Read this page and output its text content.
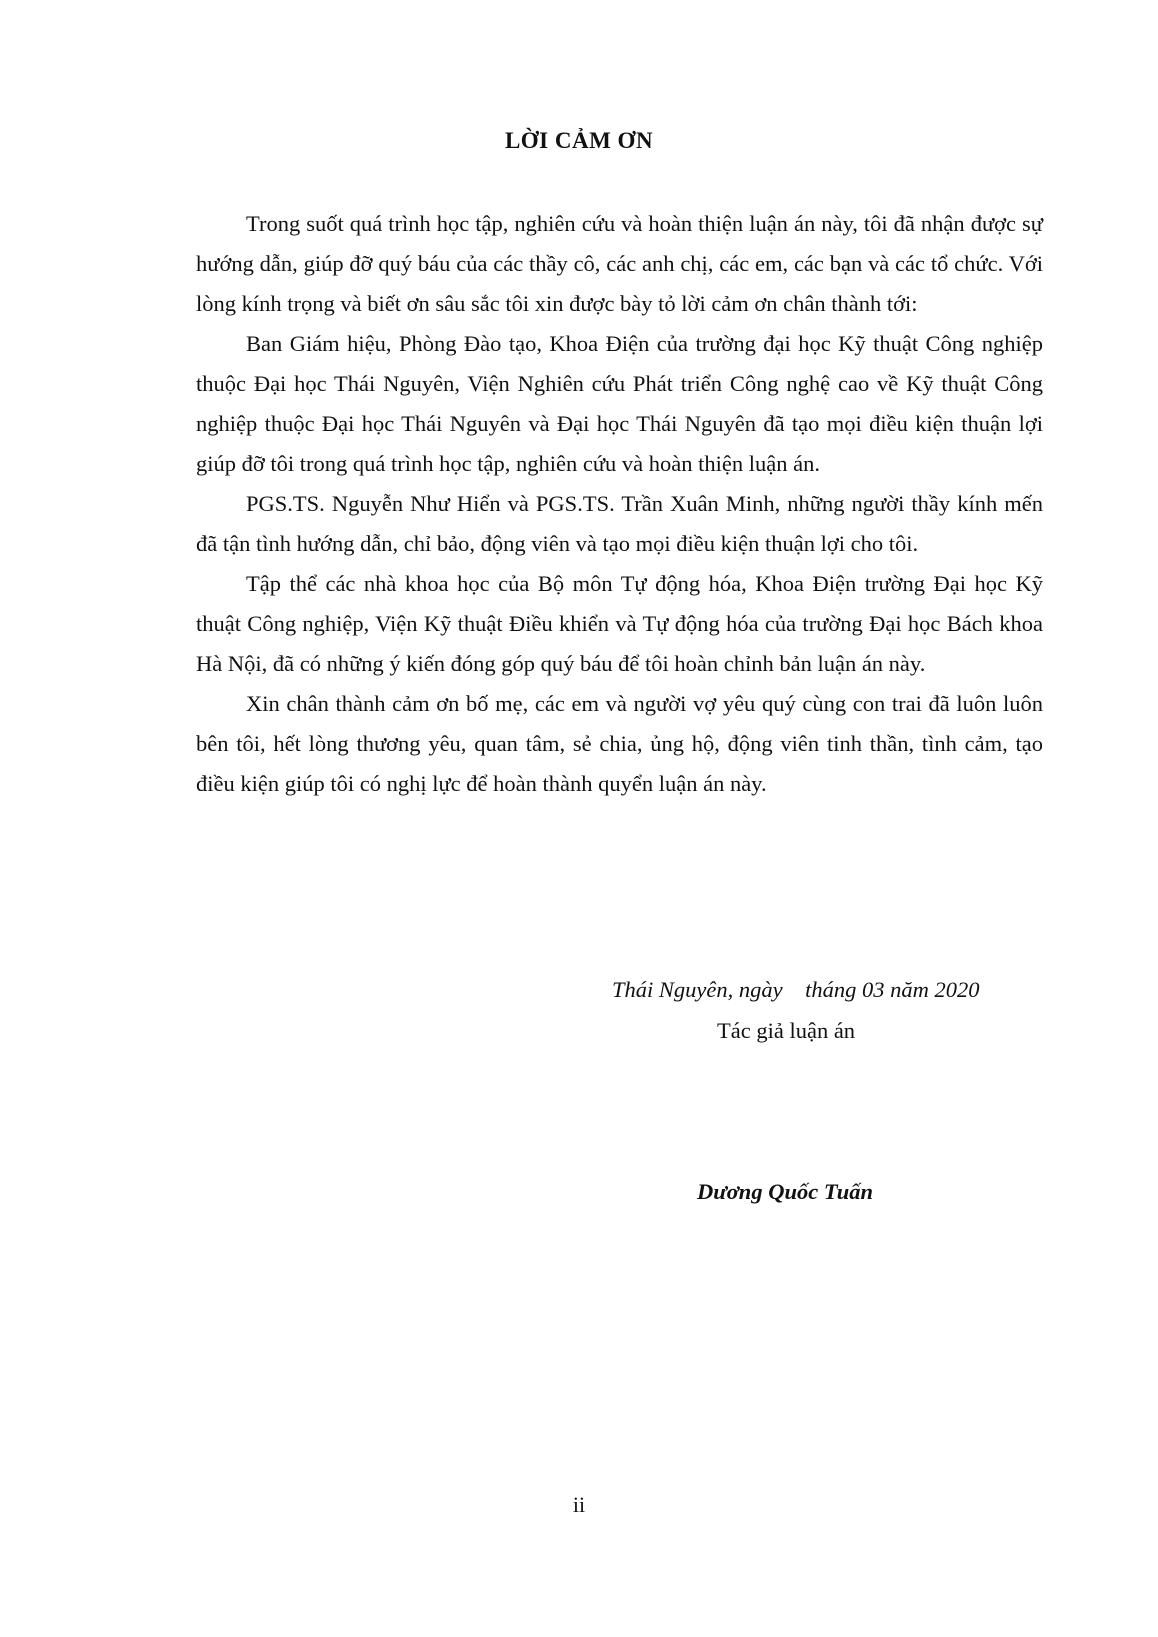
LỜI CẢM ƠN

Trong suốt quá trình học tập, nghiên cứu và hoàn thiện luận án này, tôi đã nhận được sự hướng dẫn, giúp đỡ quý báu của các thầy cô, các anh chị, các em, các bạn và các tổ chức. Với lòng kính trọng và biết ơn sâu sắc tôi xin được bày tỏ lời cảm ơn chân thành tới:

Ban Giám hiệu, Phòng Đào tạo, Khoa Điện của trường đại học Kỹ thuật Công nghiệp thuộc Đại học Thái Nguyên, Viện Nghiên cứu Phát triển Công nghệ cao về Kỹ thuật Công nghiệp thuộc Đại học Thái Nguyên và Đại học Thái Nguyên đã tạo mọi điều kiện thuận lợi giúp đỡ tôi trong quá trình học tập, nghiên cứu và hoàn thiện luận án.

PGS.TS. Nguyễn Như Hiển và PGS.TS. Trần Xuân Minh, những người thầy kính mến đã tận tình hướng dẫn, chỉ bảo, động viên và tạo mọi điều kiện thuận lợi cho tôi.

Tập thể các nhà khoa học của Bộ môn Tự động hóa, Khoa Điện trường Đại học Kỹ thuật Công nghiệp, Viện Kỹ thuật Điều khiển và Tự động hóa của trường Đại học Bách khoa Hà Nội, đã có những ý kiến đóng góp quý báu để tôi hoàn chỉnh bản luận án này.

Xin chân thành cảm ơn bố mẹ, các em và người vợ yêu quý cùng con trai đã luôn luôn bên tôi, hết lòng thương yêu, quan tâm, sẻ chia, ủng hộ, động viên tinh thần, tình cảm, tạo điều kiện giúp tôi có nghị lực để hoàn thành quyển luận án này.

Thái Nguyên, ngày    tháng 03 năm 2020
Tác giả luận án
Dương Quốc Tuấn
ii
